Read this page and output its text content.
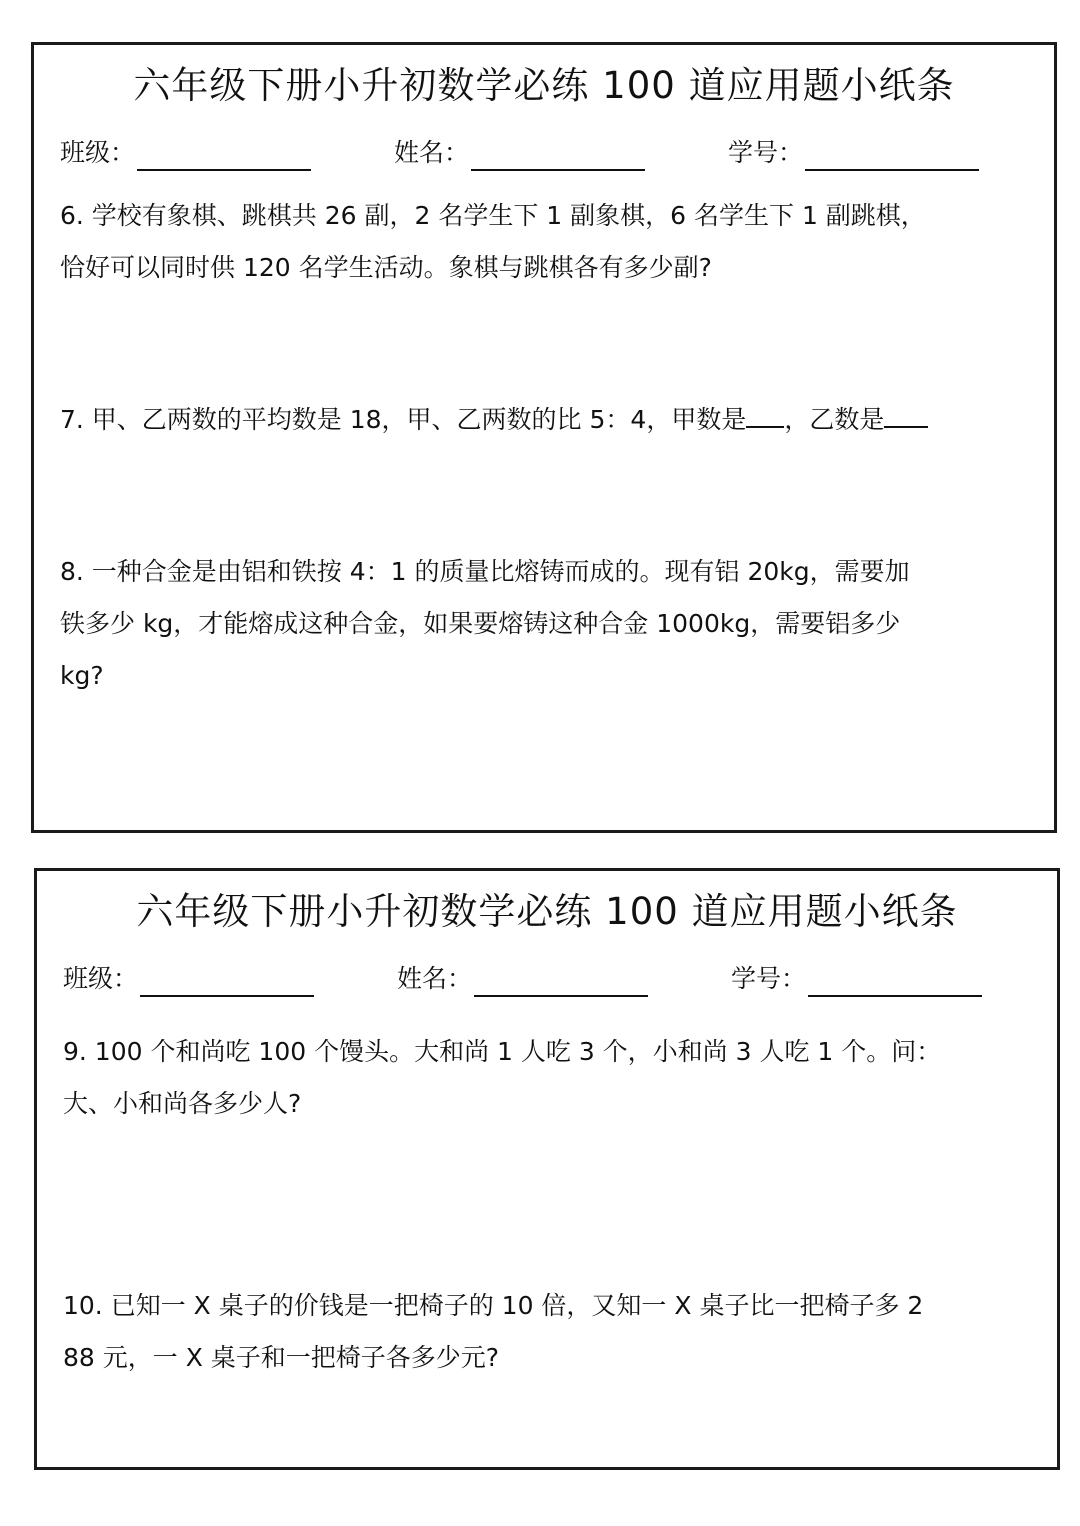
六年级下册小升初数学必练 100 道应用题小纸条
班级：	姓名：	学号：
6. 学校有象棋、跳棋共 26 副，2 名学生下 1 副象棋，6 名学生下 1 副跳棋，
恰好可以同时供 120 名学生活动。象棋与跳棋各有多少副?
7. 甲、乙两数的平均数是 18，甲、乙两数的比 5：4，甲数是 ，乙数是
8. 一种合金是由铝和铁按 4：1 的质量比熔铸而成的。现有铝 20kg，需要加
铁多少 kg，才能熔成这种合金，如果要熔铸这种合金 1000kg，需要铝多少
kg?
六年级下册小升初数学必练 100 道应用题小纸条
班级：	姓名：	学号：
9. 100 个和尚吃 100 个馒头。大和尚 1 人吃 3 个，小和尚 3 人吃 1 个。问：
大、小和尚各多少人?
10. 已知一 X 桌子的价钱是一把椅子的 10 倍，又知一 X 桌子比一把椅子多 2
88 元，一 X 桌子和一把椅子各多少元?
